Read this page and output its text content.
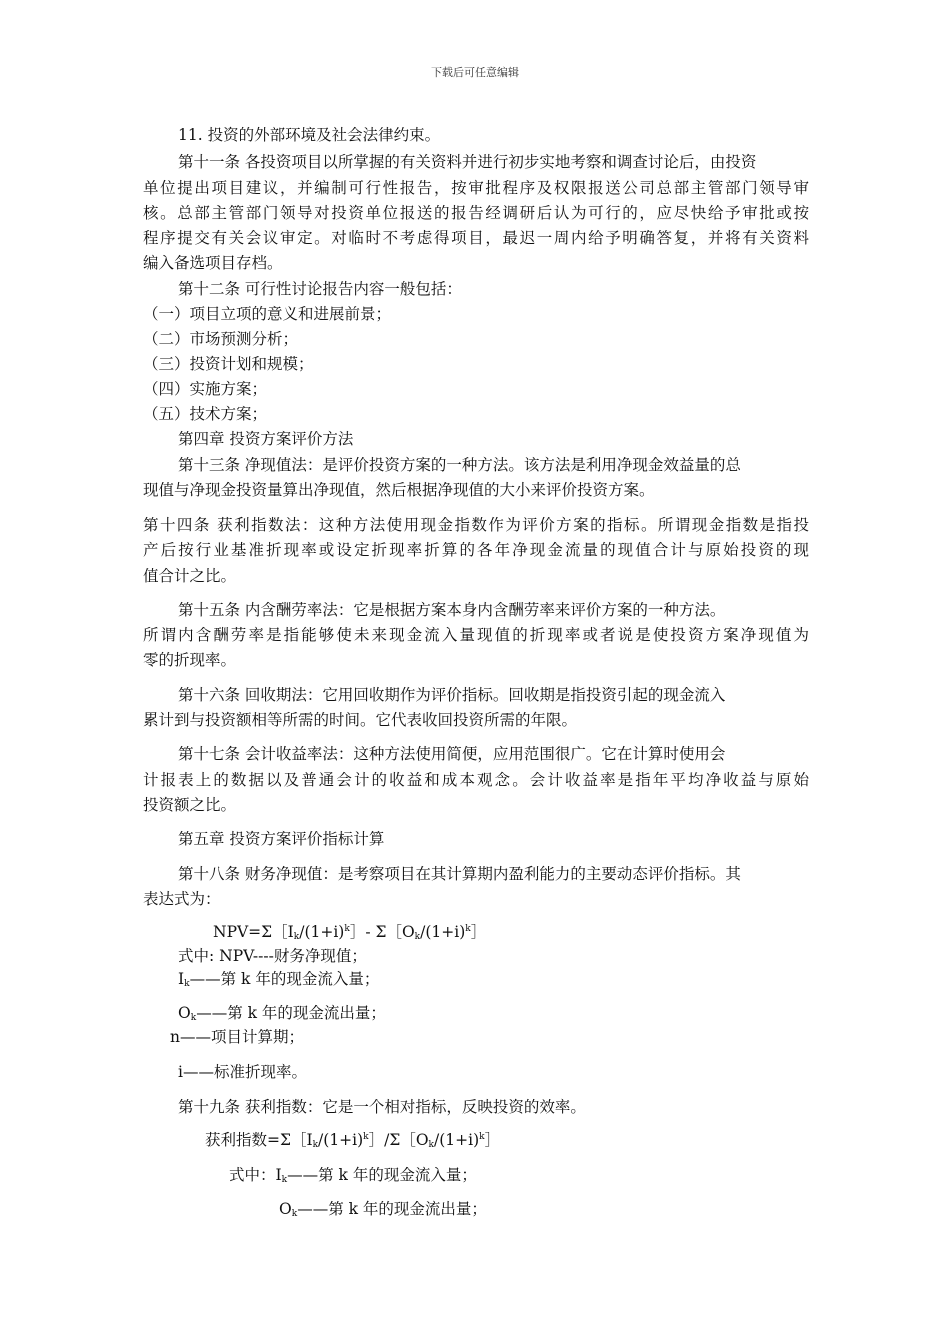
下载后可任意编辑
11. 投资的外部环境及社会法律约束。
第十一条 各投资项目以所掌握的有关资料并进行初步实地考察和调查讨论后，由投资
单位提出项目建议，并编制可行性报告，按审批程序及权限报送公司总部主管部门领导审
核。总部主管部门领导对投资单位报送的报告经调研后认为可行的，应尽快给予审批或按
程序提交有关会议审定。对临时不考虑得项目，最迟一周内给予明确答复，并将有关资料
编入备选项目存档。
第十二条 可行性讨论报告内容一般包括：
（一）项目立项的意义和进展前景；
（二）市场预测分析；
（三）投资计划和规模；
（四）实施方案；
（五）技术方案；
第四章 投资方案评价方法
第十三条 净现值法：是评价投资方案的一种方法。该方法是利用净现金效益量的总
现值与净现金投资量算出净现值，然后根据净现值的大小来评价投资方案。
第十四条 获利指数法：这种方法使用现金指数作为评价方案的指标。所谓现金指数是指投
产后按行业基准折现率或设定折现率折算的各年净现金流量的现值合计与原始投资的现
值合计之比。
第十五条 内含酬劳率法：它是根据方案本身内含酬劳率来评价方案的一种方法。
所谓内含酬劳率是指能够使未来现金流入量现值的折现率或者说是使投资方案净现值为
零的折现率。
第十六条 回收期法：它用回收期作为评价指标。回收期是指投资引起的现金流入
累计到与投资额相等所需的时间。它代表收回投资所需的年限。
第十七条 会计收益率法：这种方法使用简便，应用范围很广。它在计算时使用会
计报表上的数据以及普通会计的收益和成本观念。会计收益率是指年平均净收益与原始
投资额之比。
第五章 投资方案评价指标计算
第十八条 财务净现值：是考察项目在其计算期内盈利能力的主要动态评价指标。其
表达式为：
$NPV=\Sigma[I_k/(1+i)^k]-$ $\Sigma[O_k/(1+i)^k]$
式中: NPV----财务净现值；
$I_k——$第 k 年的现金流入量；
$O_k——$第 k 年的现金流出量；
n——项目计算期；
i——标准折现率。
第十九条 获利指数：它是一个相对指标，反映投资的效率。
获利指数$=\Sigma[I_k/(1+i)^k]/\Sigma[O_k/(1+i)^k]$
式中：$I_k——$第 k 年的现金流入量；
$O_k——$第 k 年的现金流出量；
